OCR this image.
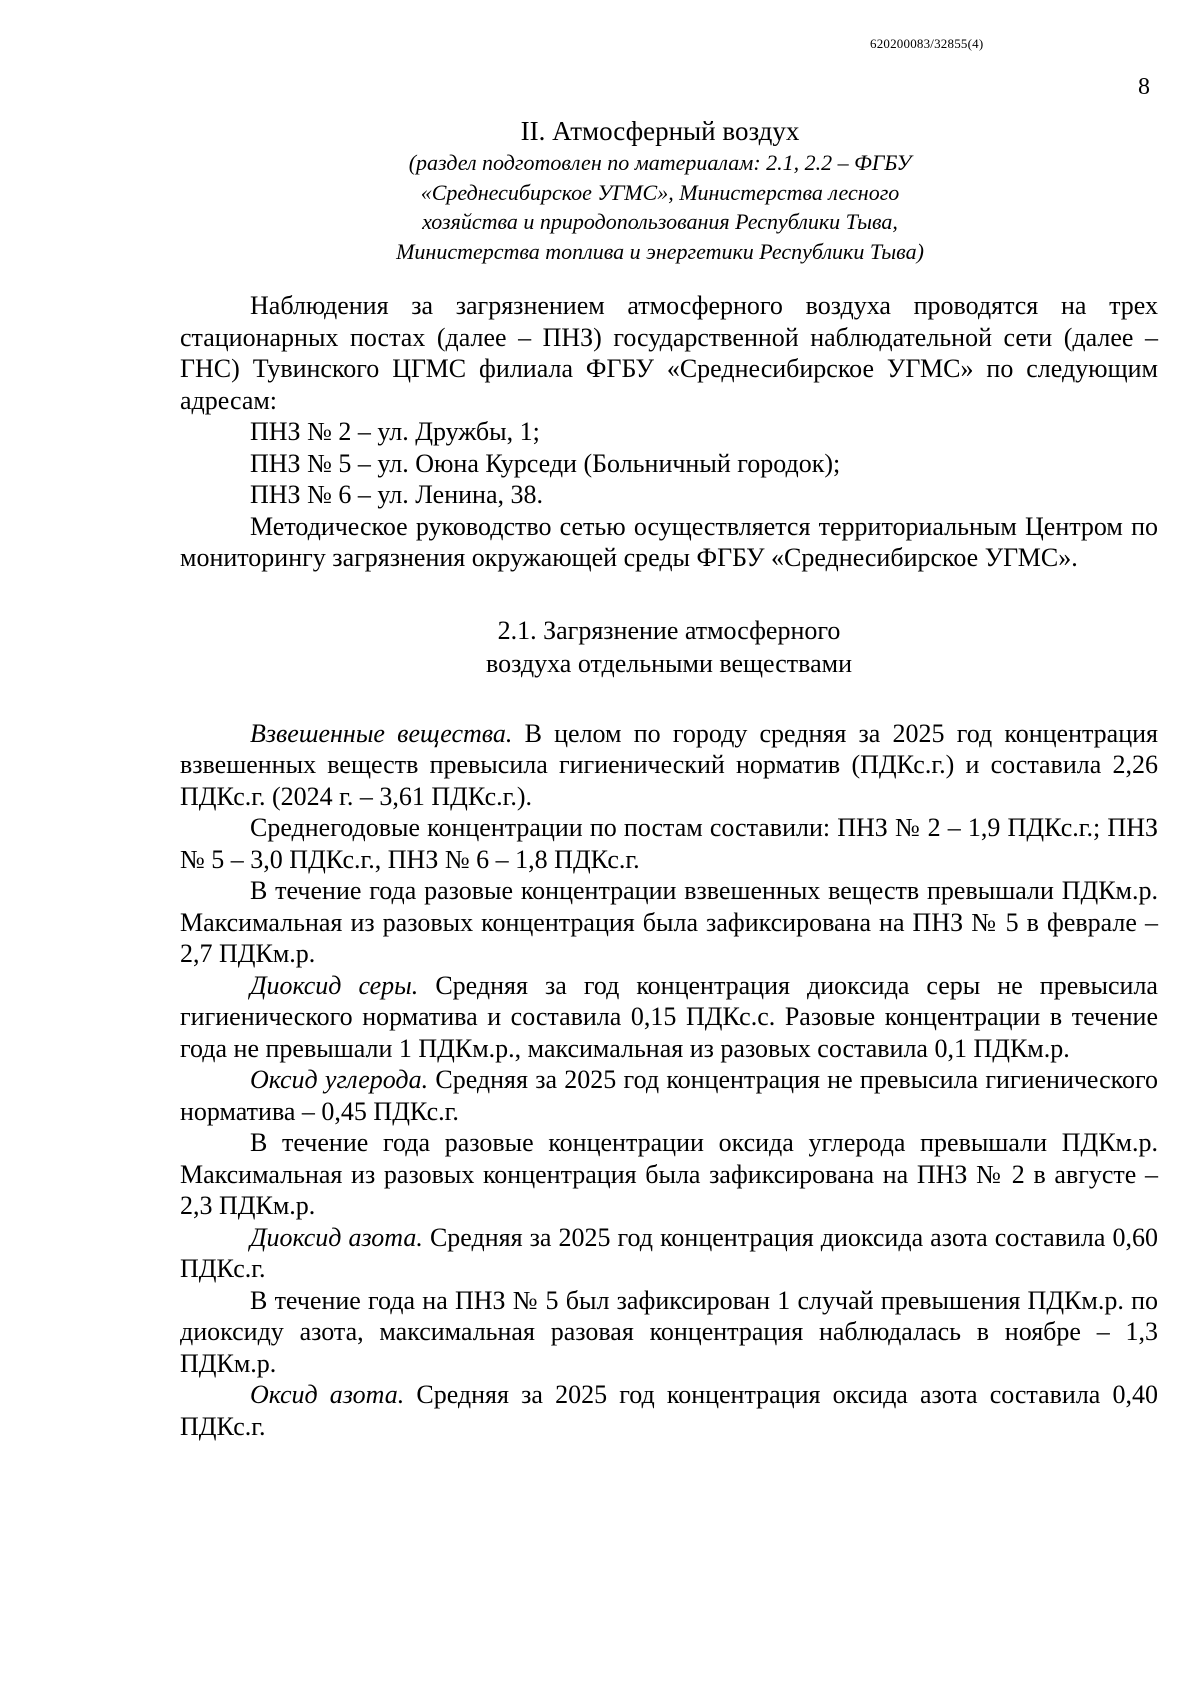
620200083/32855(4)
8
II. Атмосферный воздух
(раздел подготовлен по материалам: 2.1, 2.2 – ФГБУ
«Среднесибирское УГМС», Министерства лесного
хозяйства и природопользования Республики Тыва,
Министерства топлива и энергетики Республики Тыва)

Наблюдения за загрязнением атмосферного воздуха проводятся на трех стационарных постах (далее – ПНЗ) государственной наблюдательной сети (далее – ГНС) Тувинского ЦГМС филиала ФГБУ «Среднесибирское УГМС» по следующим адресам:

ПНЗ № 2 – ул. Дружбы, 1;

ПНЗ № 5 – ул. Оюна Курседи (Больничный городок);

ПНЗ № 6 – ул. Ленина, 38.

Методическое руководство сетью осуществляется территориальным Центром по мониторингу загрязнения окружающей среды ФГБУ «Среднесибирское УГМС».

2.1. Загрязнение атмосферного
воздуха отдельными веществами

Взвешенные вещества. В целом по городу средняя за 2025 год концентрация взвешенных веществ превысила гигиенический норматив (ПДКс.г.) и составила 2,26 ПДКс.г. (2024 г. – 3,61 ПДКс.г.).

Среднегодовые концентрации по постам составили: ПНЗ № 2 – 1,9 ПДКс.г.; ПНЗ № 5 – 3,0 ПДКс.г., ПНЗ № 6 – 1,8 ПДКс.г.

В течение года разовые концентрации взвешенных веществ превышали ПДКм.р. Максимальная из разовых концентрация была зафиксирована на ПНЗ № 5 в феврале – 2,7 ПДКм.р.

Диоксид серы. Средняя за год концентрация диоксида серы не превысила гигиенического норматива и составила 0,15 ПДКс.с. Разовые концентрации в течение года не превышали 1 ПДКм.р., максимальная из разовых составила 0,1 ПДКм.р.

Оксид углерода. Средняя за 2025 год концентрация не превысила гигиенического норматива – 0,45 ПДКс.г.

В течение года разовые концентрации оксида углерода превышали ПДКм.р. Максимальная из разовых концентрация была зафиксирована на ПНЗ № 2 в августе – 2,3 ПДКм.р.

Диоксид азота. Средняя за 2025 год концентрация диоксида азота составила 0,60 ПДКс.г.

В течение года на ПНЗ № 5 был зафиксирован 1 случай превышения ПДКм.р. по диоксиду азота, максимальная разовая концентрация наблюдалась в ноябре – 1,3 ПДКм.р.

Оксид азота. Средняя за 2025 год концентрация оксида азота составила 0,40 ПДКс.г.
